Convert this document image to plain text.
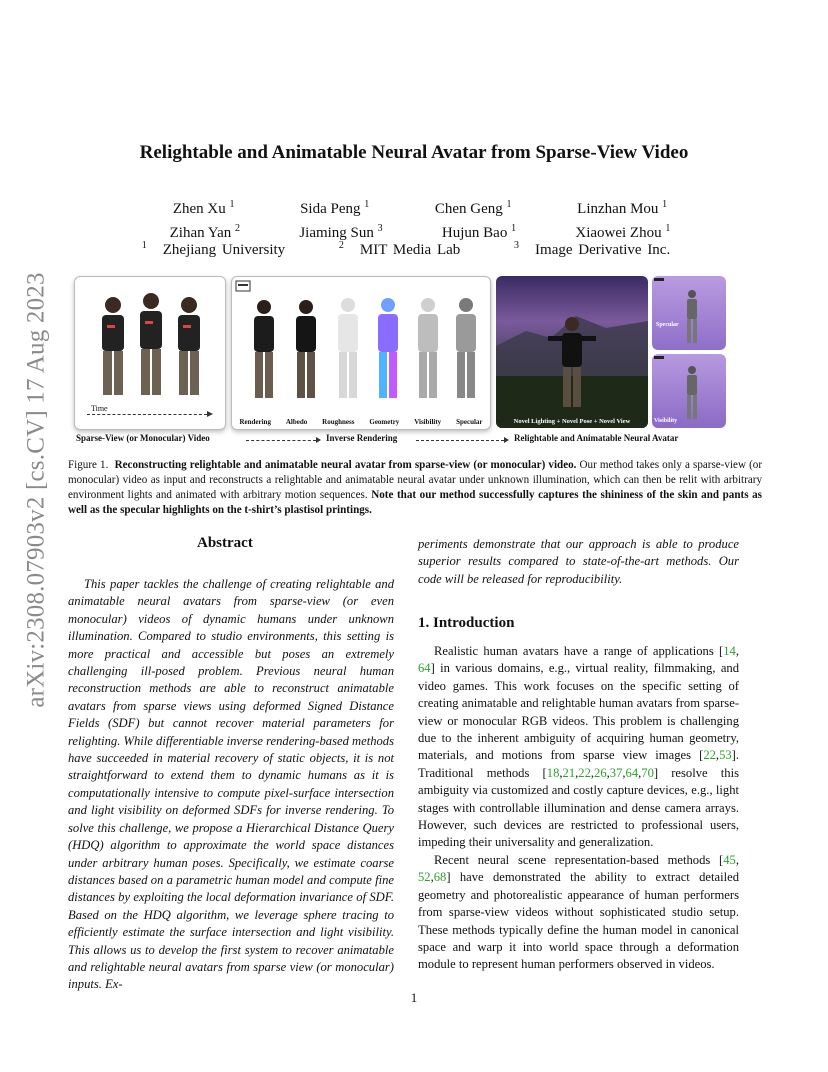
arXiv:2308.07903v2 [cs.CV] 17 Aug 2023
Relightable and Animatable Neural Avatar from Sparse-View Video
Zhen Xu $^1$	Sida Peng $^1$	Chen Geng $^1$	Linzhan Mou $^1$
Zihan Yan $^2$	Jiaming Sun $^3$	Hujun Bao $^1$	Xiaowei Zhou $^1$
$^1$ Zhejiang University	$^2$ MIT Media Lab	$^3$ Image Derivative Inc.
Time
Rendering Albedo Roughness Geometry Visibility Specular	Novel Lighting + Novel Pose + Novel View
Specular
Visibility
Sparse-View (or Monocular) Video	Inverse Rendering	Relightable and Animatable Neural Avatar
Figure 1. Reconstructing relightable and animatable neural avatar from sparse-view (or monocular) video. Our method takes only a sparse-view (or monocular) video as input and reconstructs a relightable and animatable neural avatar under unknown illumination, which can then be relit with arbitrary environment lights and animated with arbitrary motion sequences. Note that our method successfully captures the shininess of the skin and pants as well as the specular highlights on the t-shirt’s plastisol printings.
Abstract
This paper tackles the challenge of creating relightable and animatable neural avatars from sparse-view (or even monocular) videos of dynamic humans under unknown illumination. Compared to studio environments, this setting is more practical and accessible but poses an extremely challenging ill-posed problem. Previous neural human reconstruction methods are able to reconstruct animatable avatars from sparse views using deformed Signed Distance Fields (SDF) but cannot recover material parameters for relighting. While differentiable inverse rendering-based methods have succeeded in material recovery of static objects, it is not straightforward to extend them to dynamic humans as it is computationally intensive to compute pixel-surface intersection and light visibility on deformed SDFs for inverse rendering. To solve this challenge, we propose a Hierarchical Distance Query (HDQ) algorithm to approximate the world space distances under arbitrary human poses. Specifically, we estimate coarse distances based on a parametric human model and compute fine distances by exploiting the local deformation invariance of SDF. Based on the HDQ algorithm, we leverage sphere tracing to efficiently estimate the surface intersection and light visibility. This allows us to develop the first system to recover animatable and relightable neural avatars from sparse view (or monocular) inputs. Ex-
periments demonstrate that our approach is able to produce superior results compared to state-of-the-art methods. Our code will be released for reproducibility.
1. Introduction

Realistic human avatars have a range of applications [14, 64] in various domains, e.g., virtual reality, filmmaking, and video games. This work focuses on the specific setting of creating animatable and relightable human avatars from sparse-view or monocular RGB videos. This problem is challenging due to the inherent ambiguity of acquiring human geometry, materials, and motions from sparse view images [22,53]. Traditional methods [18,21,22,26,37,64,70] resolve this ambiguity via customized and costly capture devices, e.g., light stages with controllable illumination and dense camera arrays. However, such devices are restricted to professional users, impeding their universality and generalization.

Recent neural scene representation-based methods [45, 52,68] have demonstrated the ability to extract detailed geometry and photorealistic appearance of human performers from sparse-view videos without sophisticated studio setup. These methods typically define the human model in canonical space and warp it into world space through a deformation module to represent human performers observed in videos.

1
